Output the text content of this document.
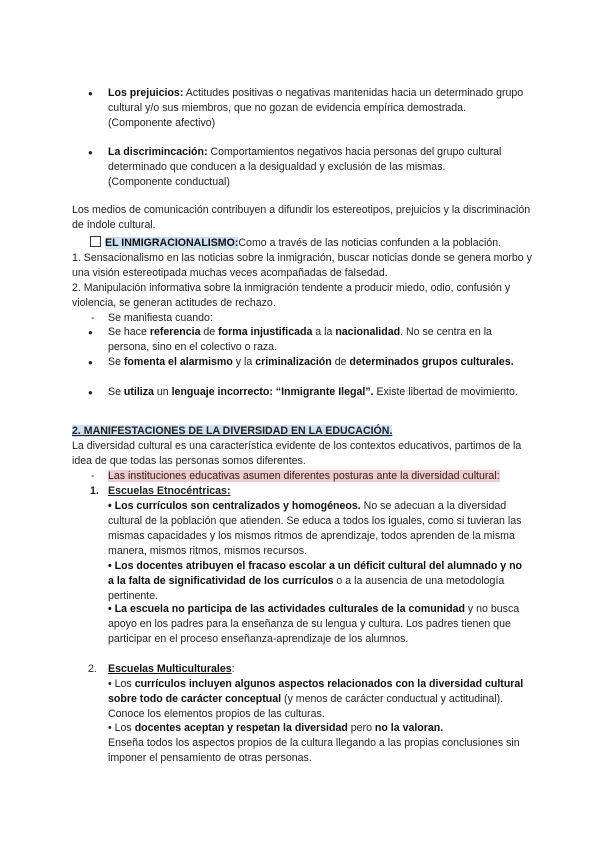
●

Los prejuicios: Actitudes positivas o negativas mantenidas hacia un determinado grupo cultural y/o sus miembros, que no gozan de evidencia empírica demostrada.

(Componente afectivo)

●

La discrimincación: Comportamientos negativos hacia personas del grupo cultural determinado que conducen a la desigualdad y exclusión de las mismas.

(Componente conductual)

Los medios de comunicación contribuyen a difundir los estereotipos, prejuicios y la discriminación de índole cultural.

EL INMIGRACIONALISMO:Como a través de las noticias confunden a la población.

1. Sensacionalismo en las noticias sobre la inmigración, buscar noticias donde se genera morbo y una visión estereotipada muchas veces acompañadas de falsedad.

2. Manipulación informativa sobre la inmigración tendente a producir miedo, odio, confusión y violencia, se generan actitudes de rechazo.

-

Se manifiesta cuando:

●

Se hace referencia de forma injustificada a la nacionalidad. No se centra en la persona, sino en el colectivo o raza.

●

Se fomenta el alarmismo y la criminalización de determinados grupos culturales.

●

Se utiliza un lenguaje incorrecto: “Inmigrante Ilegal”. Existe libertad de movimiento.

2. MANIFESTACIONES DE LA DIVERSIDAD EN LA EDUCACIÓN.

La diversidad cultural es una característica evidente de los contextos educativos, partimos de la idea de que todas las personas somos diferentes.

-

Las instituciones educativas asumen diferentes posturas ante la diversidad cultural:

1. Escuelas Etnocéntricas:

• Los currículos son centralizados y homogéneos. No se adecuan a la diversidad cultural de la población que atienden. Se educa a todos los iguales, como si tuvieran las mismas capacidades y los mismos ritmos de aprendizaje, todos aprenden de la misma manera, mismos ritmos, mismos recursos.

• Los docentes atribuyen el fracaso escolar a un déficit cultural del alumnado y no a la falta de significatividad de los currículos o a la ausencia de una metodología pertinente.

• La escuela no participa de las actividades culturales de la comunidad y no busca apoyo en los padres para la enseñanza de su lengua y cultura. Los padres tienen que participar en el proceso enseñanza-aprendizaje de los alumnos.

2. Escuelas Multiculturales:

• Los currículos incluyen algunos aspectos relacionados con la diversidad cultural sobre todo de carácter conceptual (y menos de carácter conductual y actitudinal). Conoce los elementos propios de las culturas.

• Los docentes aceptan y respetan la diversidad pero no la valoran.

Enseña todos los aspectos propios de la cultura llegando a las propias conclusiones sin imponer el pensamiento de otras personas.
